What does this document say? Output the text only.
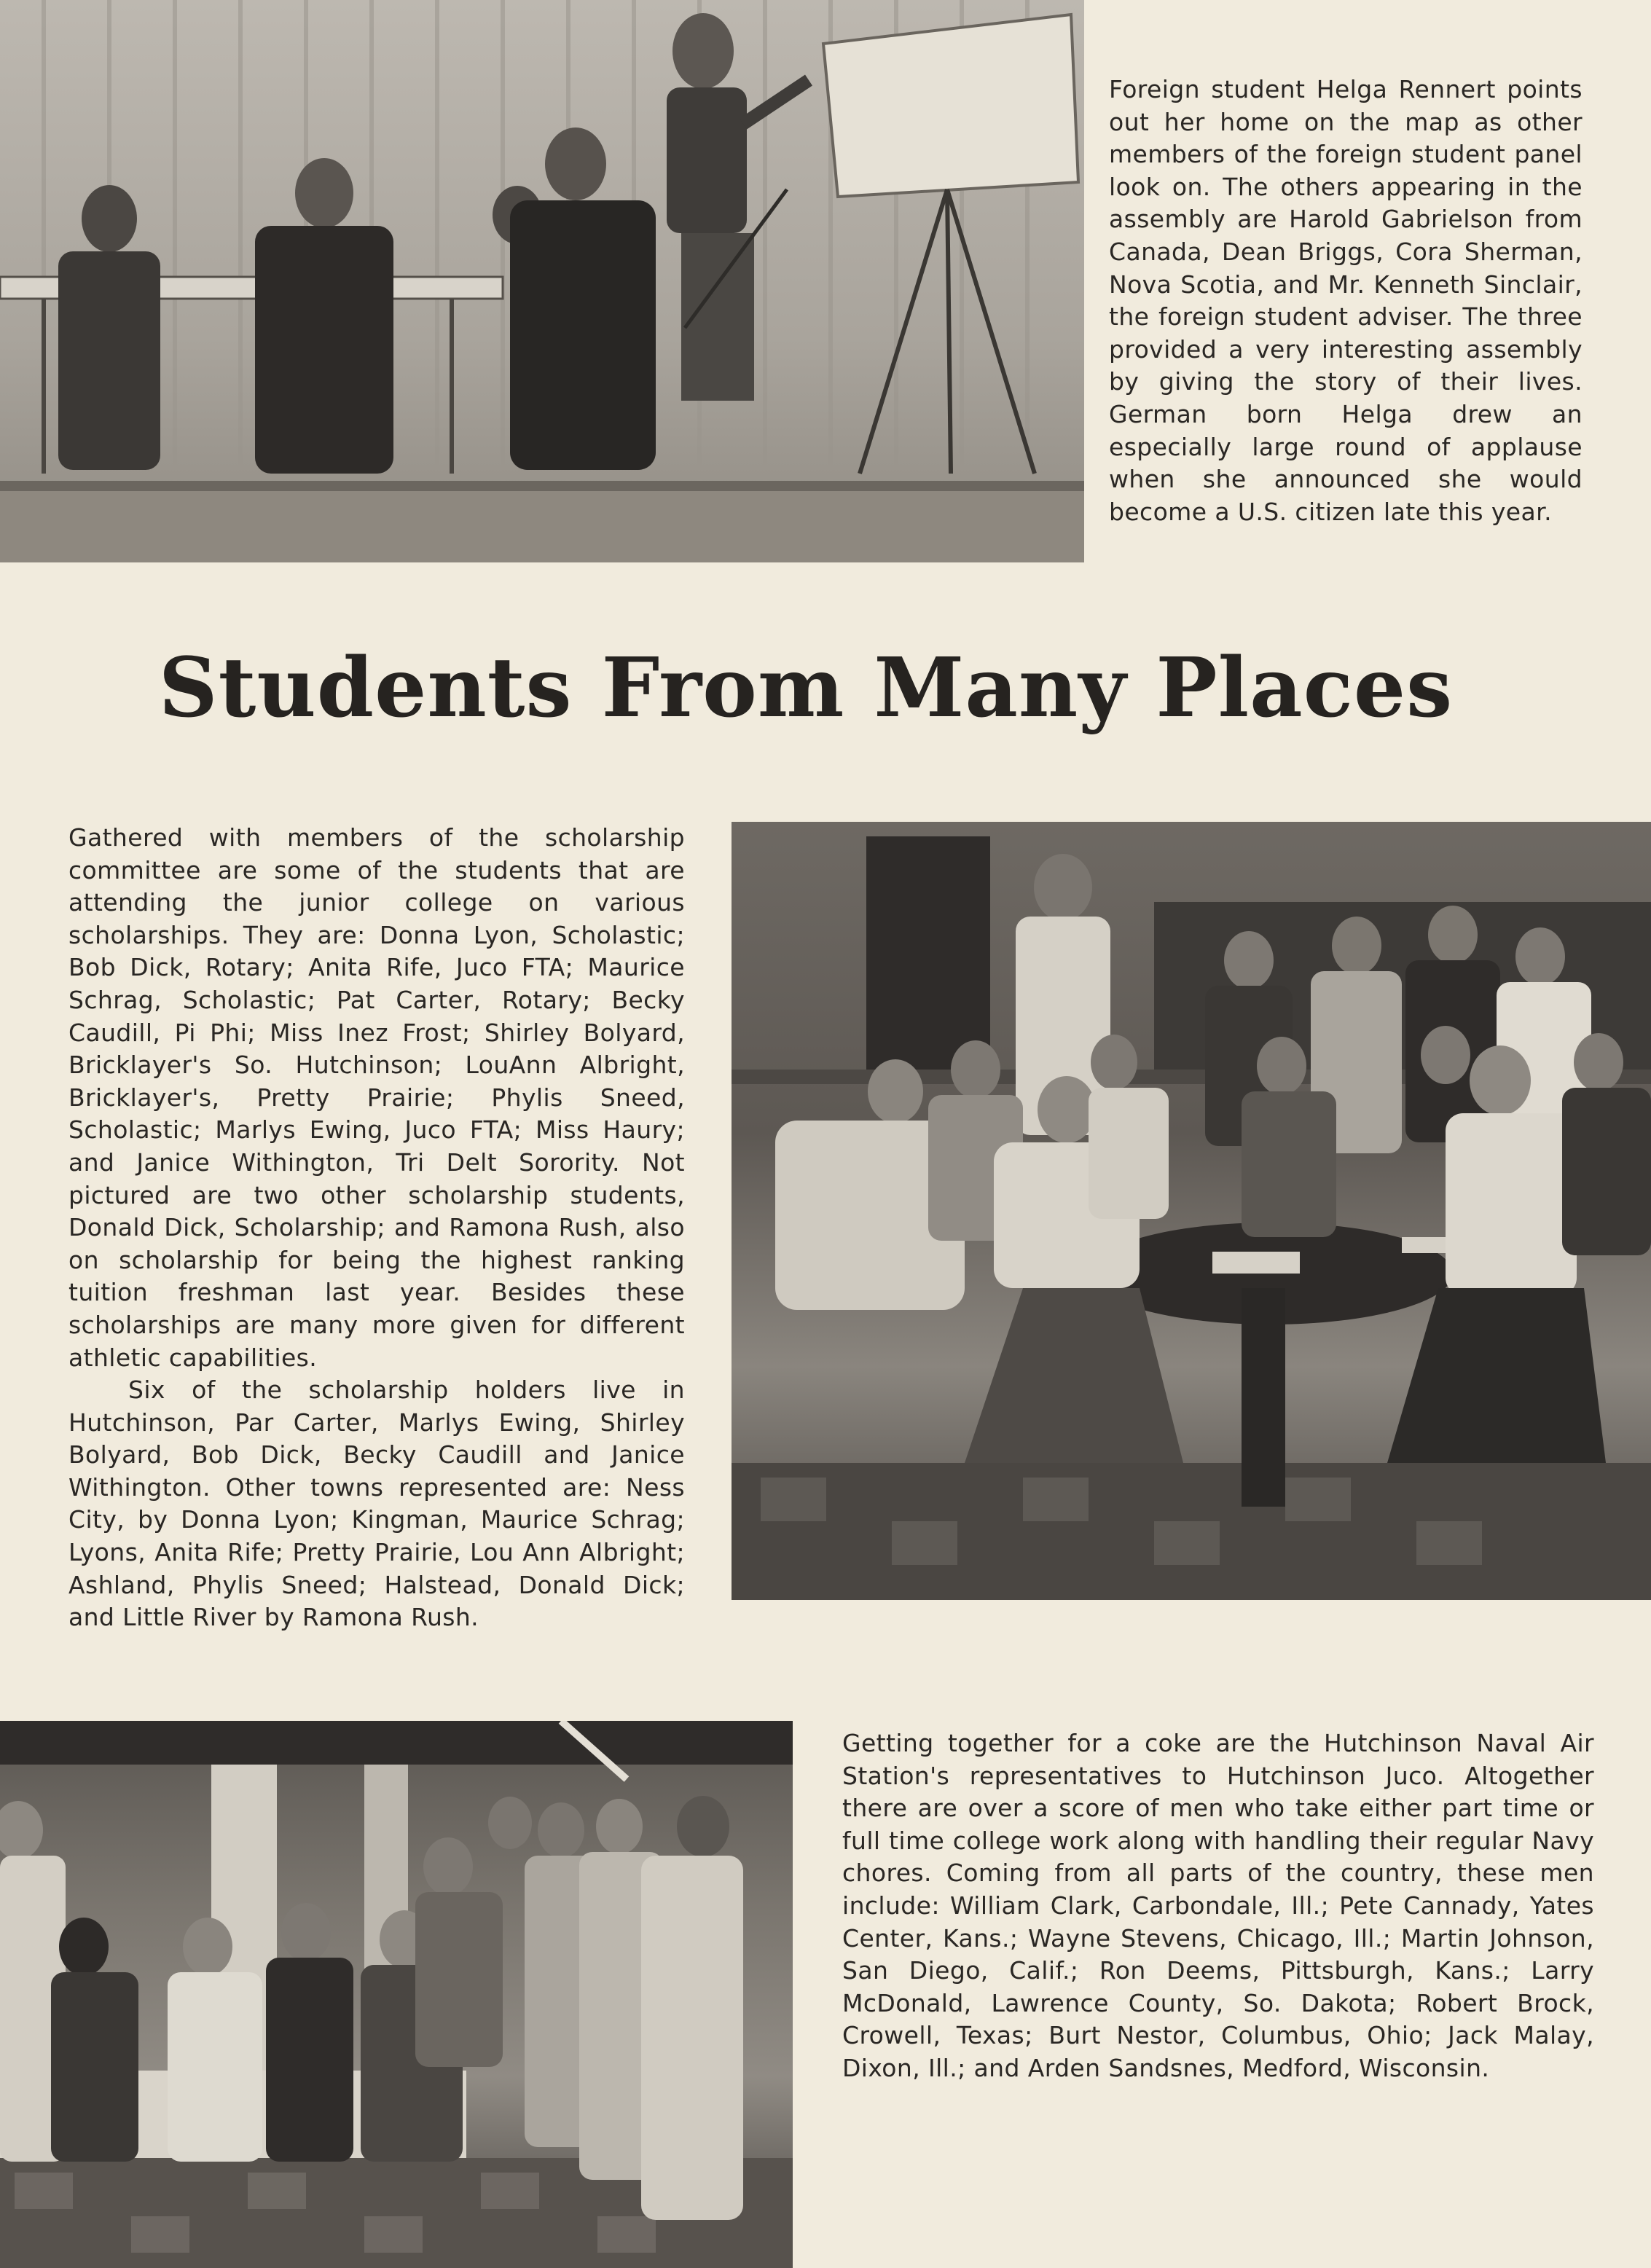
Foreign student Helga Rennert points out her home on the map as other members of the foreign student panel look on. The others appearing in the assembly are Harold Gabrielson from Canada, Dean Briggs, Cora Sherman, Nova Scotia, and Mr. Kenneth Sinclair, the foreign student adviser. The three provided a very interesting assembly by giving the story of their lives. German born Helga drew an especially large round of applause when she announced she would become a U.S. citizen late this year.

Students From Many Places

Gathered with members of the scholarship committee are some of the students that are attending the junior college on various scholarships. They are: Donna Lyon, Scholastic; Bob Dick, Rotary; Anita Rife, Juco FTA; Maurice Schrag, Scholastic; Pat Carter, Rotary; Becky Caudill, Pi Phi; Miss Inez Frost; Shirley Bolyard, Bricklayer's So. Hutchinson; LouAnn Albright, Bricklayer's, Pretty Prairie; Phylis Sneed, Scholastic; Marlys Ewing, Juco FTA; Miss Haury; and Janice Withington, Tri Delt Sorority. Not pictured are two other scholarship students, Donald Dick, Scholarship; and Ramona Rush, also on scholarship for being the highest ranking tuition freshman last year. Besides these scholarships are many more given for different athletic capabilities.

Six of the scholarship holders live in Hutchinson, Par Carter, Marlys Ewing, Shirley Bolyard, Bob Dick, Becky Caudill and Janice Withington. Other towns represented are: Ness City, by Donna Lyon; Kingman, Maurice Schrag; Lyons, Anita Rife; Pretty Prairie, Lou Ann Albright; Ashland, Phylis Sneed; Halstead, Donald Dick; and Little River by Ramona Rush.

Getting together for a coke are the Hutchinson Naval Air Station's representatives to Hutchinson Juco. Altogether there are over a score of men who take either part time or full time college work along with handling their regular Navy chores. Coming from all parts of the country, these men include: William Clark, Carbondale, Ill.; Pete Cannady, Yates Center, Kans.; Wayne Stevens, Chicago, Ill.; Martin Johnson, San Diego, Calif.; Ron Deems, Pittsburgh, Kans.; Larry McDonald, Lawrence County, So. Dakota; Robert Brock, Crowell, Texas; Burt Nestor, Columbus, Ohio; Jack Malay, Dixon, Ill.; and Arden Sandsnes, Medford, Wisconsin.
